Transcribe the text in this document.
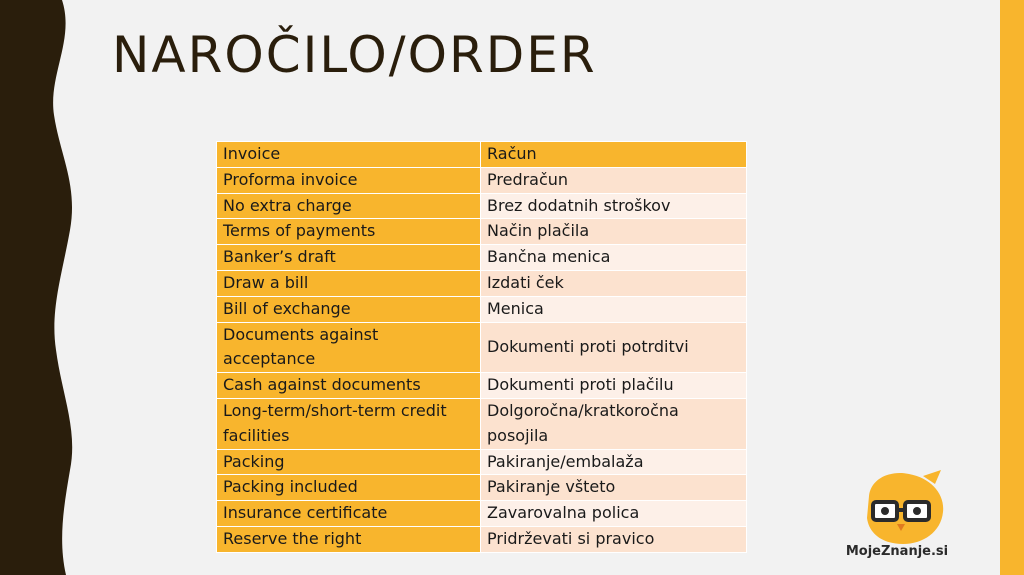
NAROČILO/ORDER
Invoice	Račun
Proforma invoice	Predračun
No extra charge	Brez dodatnih stroškov
Terms of payments	Način plačila
Banker’s draft	Bančna menica
Draw a bill	Izdati ček
Bill of exchange	Menica
Documents against acceptance	Dokumenti proti potrditvi
Cash against documents	Dokumenti proti plačilu
Long-term/short-term credit facilities	Dolgoročna/kratkoročna posojila
Packing	Pakiranje/embalaža
Packing included	Pakiranje všteto
Insurance certificate	Zavarovalna polica
Reserve the right	Pridrževati si pravico
MojeZnanje.si
